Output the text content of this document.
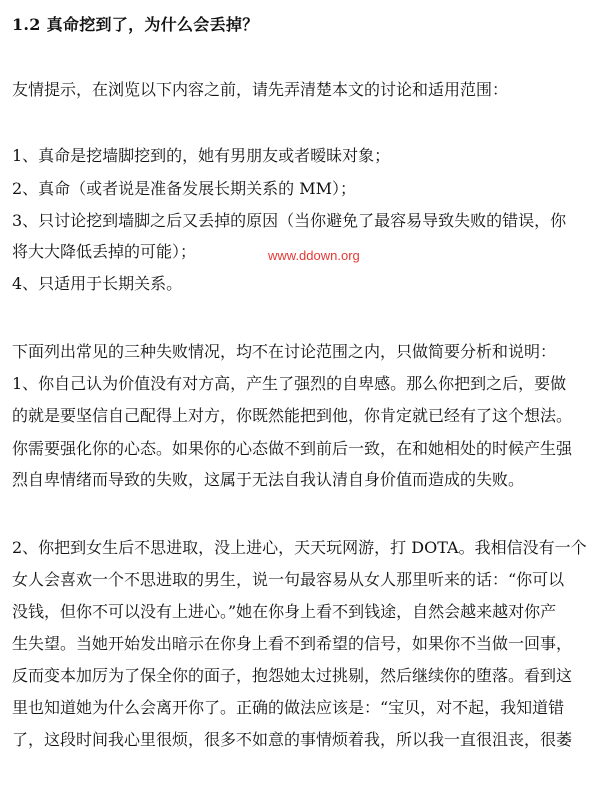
1.2 真命挖到了，为什么会丢掉？
友情提示，在浏览以下内容之前，请先弄清楚本文的讨论和适用范围：
1、真命是挖墙脚挖到的，她有男朋友或者暧昧对象；
2、真命（或者说是准备发展长期关系的 MM）；
3、只讨论挖到墙脚之后又丢掉的原因（当你避免了最容易导致失败的错误，你
将大大降低丢掉的可能）；	www.ddown.org
4、只适用于长期关系。
下面列出常见的三种失败情况，均不在讨论范围之内，只做简要分析和说明：
1、你自己认为价值没有对方高，产生了强烈的自卑感。那么你把到之后，要做
的就是要坚信自己配得上对方，你既然能把到他，你肯定就已经有了这个想法。
你需要强化你的心态。如果你的心态做不到前后一致，在和她相处的时候产生强
烈自卑情绪而导致的失败，这属于无法自我认清自身价值而造成的失败。
2、你把到女生后不思进取，没上进心，天天玩网游，打 DOTA。我相信没有一个
女人会喜欢一个不思进取的男生，说一句最容易从女人那里听来的话：“你可以
没钱，但你不可以没有上进心。”她在你身上看不到钱途，自然会越来越对你产
生失望。当她开始发出暗示在你身上看不到希望的信号，如果你不当做一回事，
反而变本加厉为了保全你的面子，抱怨她太过挑剔，然后继续你的堕落。看到这
里也知道她为什么会离开你了。正确的做法应该是：“宝贝，对不起，我知道错
了，这段时间我心里很烦，很多不如意的事情烦着我，所以我一直很沮丧，很萎
